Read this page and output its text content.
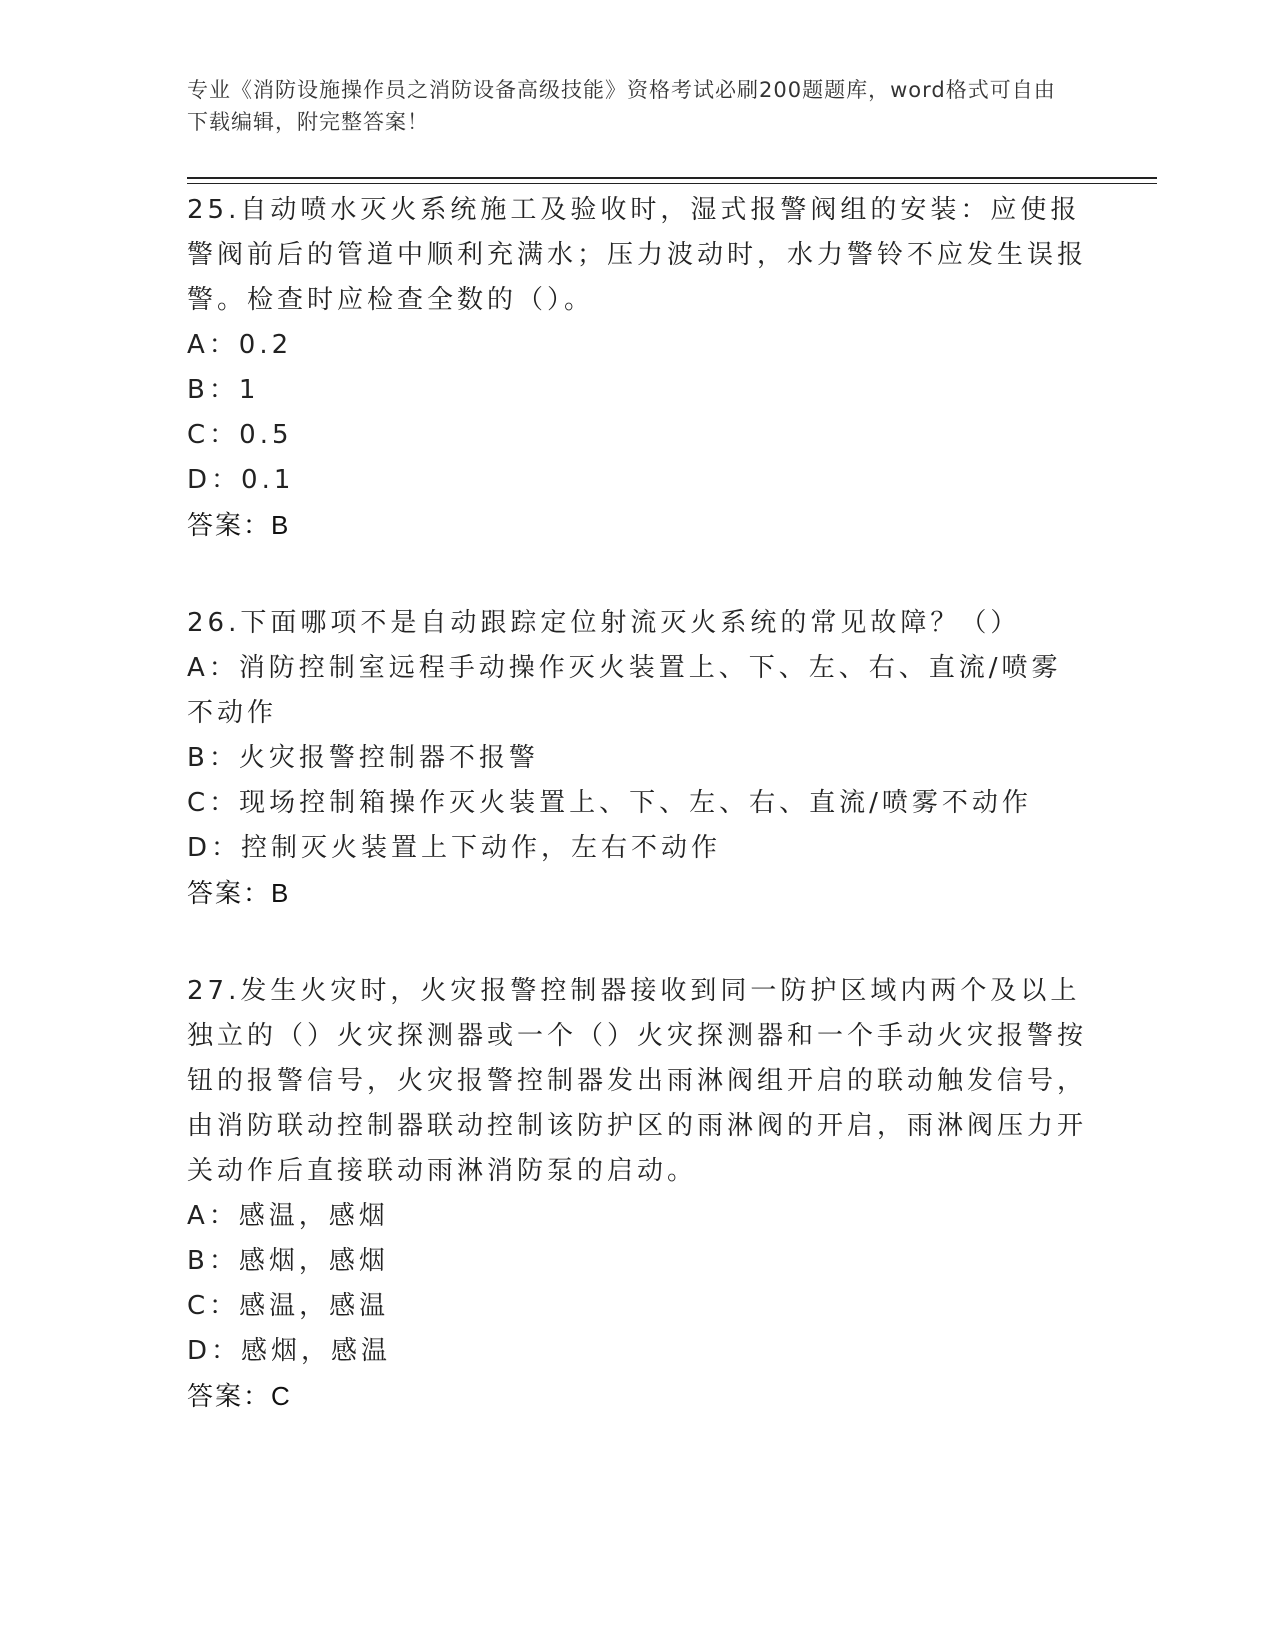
专业《消防设施操作员之消防设备高级技能》资格考试必刷200题题库，word格式可自由下载编辑，附完整答案！

25.自动喷水灭火系统施工及验收时，湿式报警阀组的安装：应使报警阀前后的管道中顺利充满水；压力波动时，水力警铃不应发生误报警。检查时应检查全数的（）。

A：0.2

B：1

C：0.5

D：0.1

答案：B

26.下面哪项不是自动跟踪定位射流灭火系统的常见故障？（）

A：消防控制室远程手动操作灭火装置上、下、左、右、直流/喷雾不动作

B：火灾报警控制器不报警

C：现场控制箱操作灭火装置上、下、左、右、直流/喷雾不动作

D：控制灭火装置上下动作，左右不动作

答案：B

27.发生火灾时，火灾报警控制器接收到同一防护区域内两个及以上独立的（）火灾探测器或一个（）火灾探测器和一个手动火灾报警按钮的报警信号，火灾报警控制器发出雨淋阀组开启的联动触发信号，由消防联动控制器联动控制该防护区的雨淋阀的开启，雨淋阀压力开关动作后直接联动雨淋消防泵的启动。

A：感温，感烟

B：感烟，感烟

C：感温，感温

D：感烟，感温

答案：C
